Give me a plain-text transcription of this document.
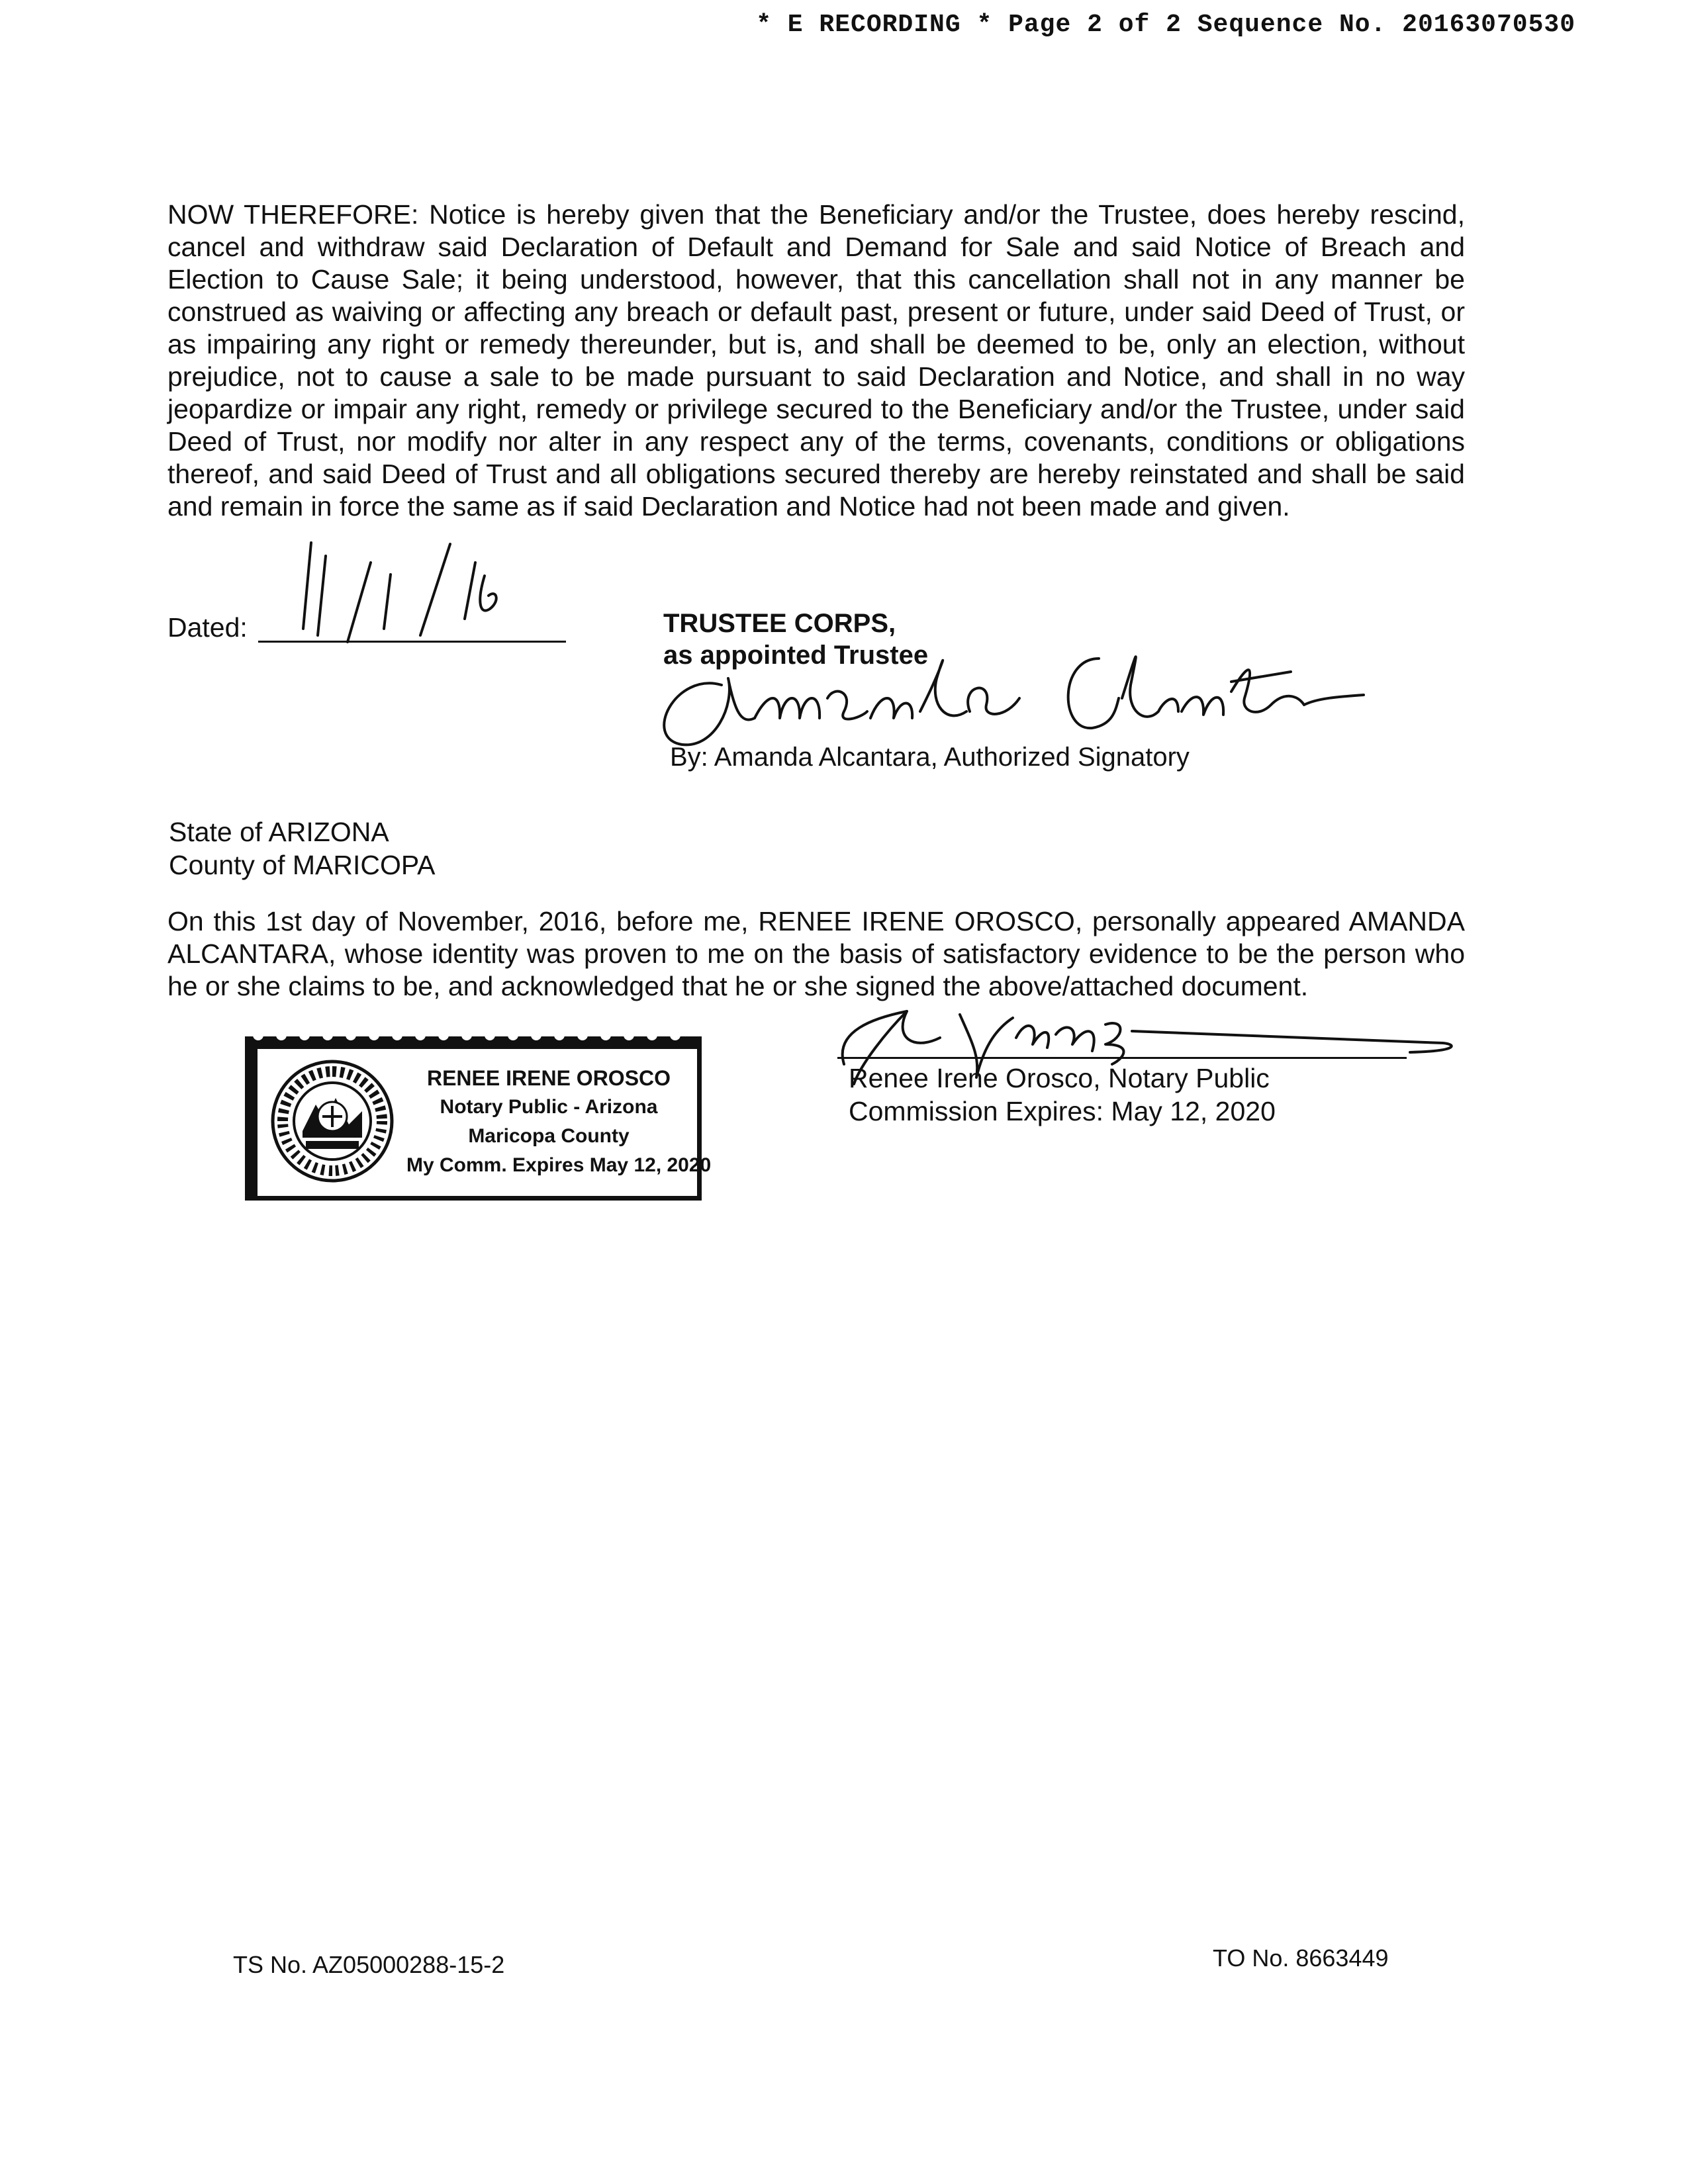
* E RECORDING * Page 2 of 2 Sequence No. 20163070530

NOW THEREFORE: Notice is hereby given that the Beneficiary and/or the Trustee, does hereby rescind, cancel and withdraw said Declaration of Default and Demand for Sale and said Notice of Breach and Election to Cause Sale; it being understood, however, that this cancellation shall not in any manner be construed as waiving or affecting any breach or default past, present or future, under said Deed of Trust, or as impairing any right or remedy thereunder, but is, and shall be deemed to be, only an election, without prejudice, not to cause a sale to be made pursuant to said Declaration and Notice, and shall in no way jeopardize or impair any right, remedy or privilege secured to the Beneficiary and/or the Trustee, under said Deed of Trust, nor modify nor alter in any respect any of the terms, covenants, conditions or obligations thereof, and said Deed of Trust and all obligations secured thereby are hereby reinstated and shall be said and remain in force the same as if said Declaration and Notice had not been made and given.

Dated:	TRUSTEE CORPS,
as appointed Trustee
By: Amanda Alcantara, Authorized Signatory
State of ARIZONA
County of MARICOPA

On this 1st day of November, 2016, before me, RENEE IRENE OROSCO, personally appeared AMANDA ALCANTARA, whose identity was proven to me on the basis of satisfactory evidence to be the person who he or she claims to be, and acknowledged that he or she signed the above/attached document.

RENEE IRENE OROSCO
Notary Public - Arizona
Maricopa County
My Comm. Expires May 12, 2020
Renee Irene Orosco, Notary Public
Commission Expires: May 12, 2020
TS No. AZ05000288-15-2	TO No. 8663449
